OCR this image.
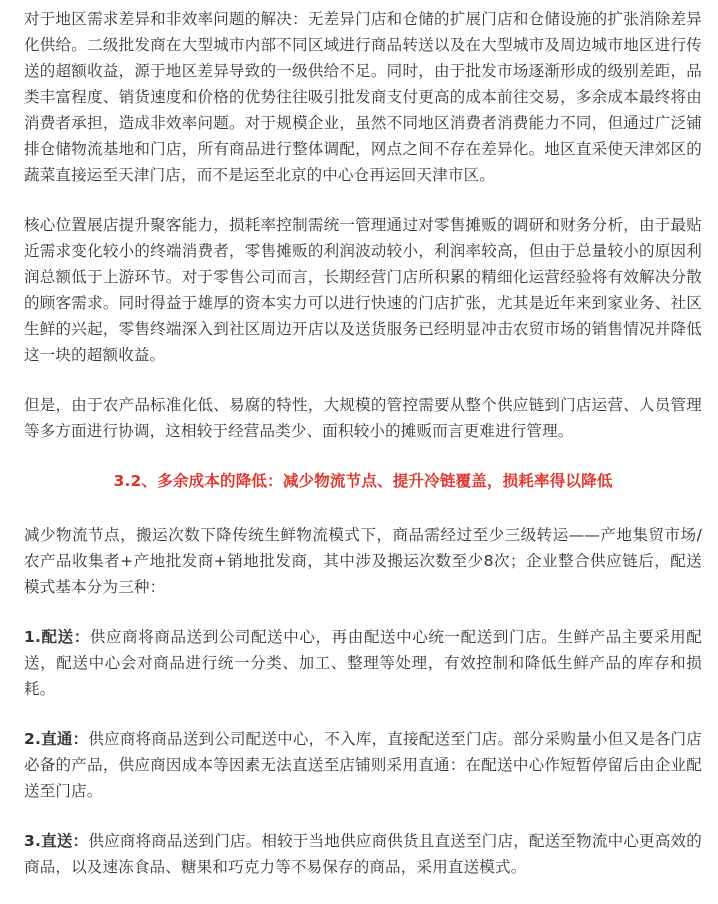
对于地区需求差异和非效率问题的解决：无差异门店和仓储的扩展门店和仓储设施的扩张消除差异化供给。二级批发商在大型城市内部不同区域进行商品转送以及在大型城市及周边城市地区进行传送的超额收益，源于地区差异导致的一级供给不足。同时，由于批发市场逐渐形成的级别差距，品类丰富程度、销货速度和价格的优势往往吸引批发商支付更高的成本前往交易，多余成本最终将由消费者承担，造成非效率问题。对于规模企业，虽然不同地区消费者消费能力不同，但通过广泛铺排仓储物流基地和门店，所有商品进行整体调配，网点之间不存在差异化。地区直采使天津郊区的蔬菜直接运至天津门店，而不是运至北京的中心仓再运回天津市区。

核心位置展店提升聚客能力，损耗率控制需统一管理通过对零售摊贩的调研和财务分析，由于最贴近需求变化较小的终端消费者，零售摊贩的利润波动较小，利润率较高，但由于总量较小的原因利润总额低于上游环节。对于零售公司而言，长期经营门店所积累的精细化运营经验将有效解决分散的顾客需求。同时得益于雄厚的资本实力可以进行快速的门店扩张，尤其是近年来到家业务、社区生鲜的兴起，零售终端深入到社区周边开店以及送货服务已经明显冲击农贸市场的销售情况并降低这一块的超额收益。

但是，由于农产品标准化低、易腐的特性，大规模的管控需要从整个供应链到门店运营、人员管理等多方面进行协调，这相较于经营品类少、面积较小的摊贩而言更难进行管理。

3.2、多余成本的降低：减少物流节点、提升冷链覆盖，损耗率得以降低

减少物流节点，搬运次数下降传统生鲜物流模式下，商品需经过至少三级转运——产地集贸市场/农产品收集者+产地批发商+销地批发商，其中涉及搬运次数至少8次；企业整合供应链后，配送模式基本分为三种：

1.配送：供应商将商品送到公司配送中心，再由配送中心统一配送到门店。生鲜产品主要采用配送，配送中心会对商品进行统一分类、加工、整理等处理，有效控制和降低生鲜产品的库存和损耗。

2.直通：供应商将商品送到公司配送中心，不入库，直接配送至门店。部分采购量小但又是各门店必备的产品，供应商因成本等因素无法直送至店铺则采用直通：在配送中心作短暂停留后由企业配送至门店。

3.直送：供应商将商品送到门店。相较于当地供应商供货且直送至门店，配送至物流中心更高效的商品，以及速冻食品、糖果和巧克力等不易保存的商品，采用直送模式。
